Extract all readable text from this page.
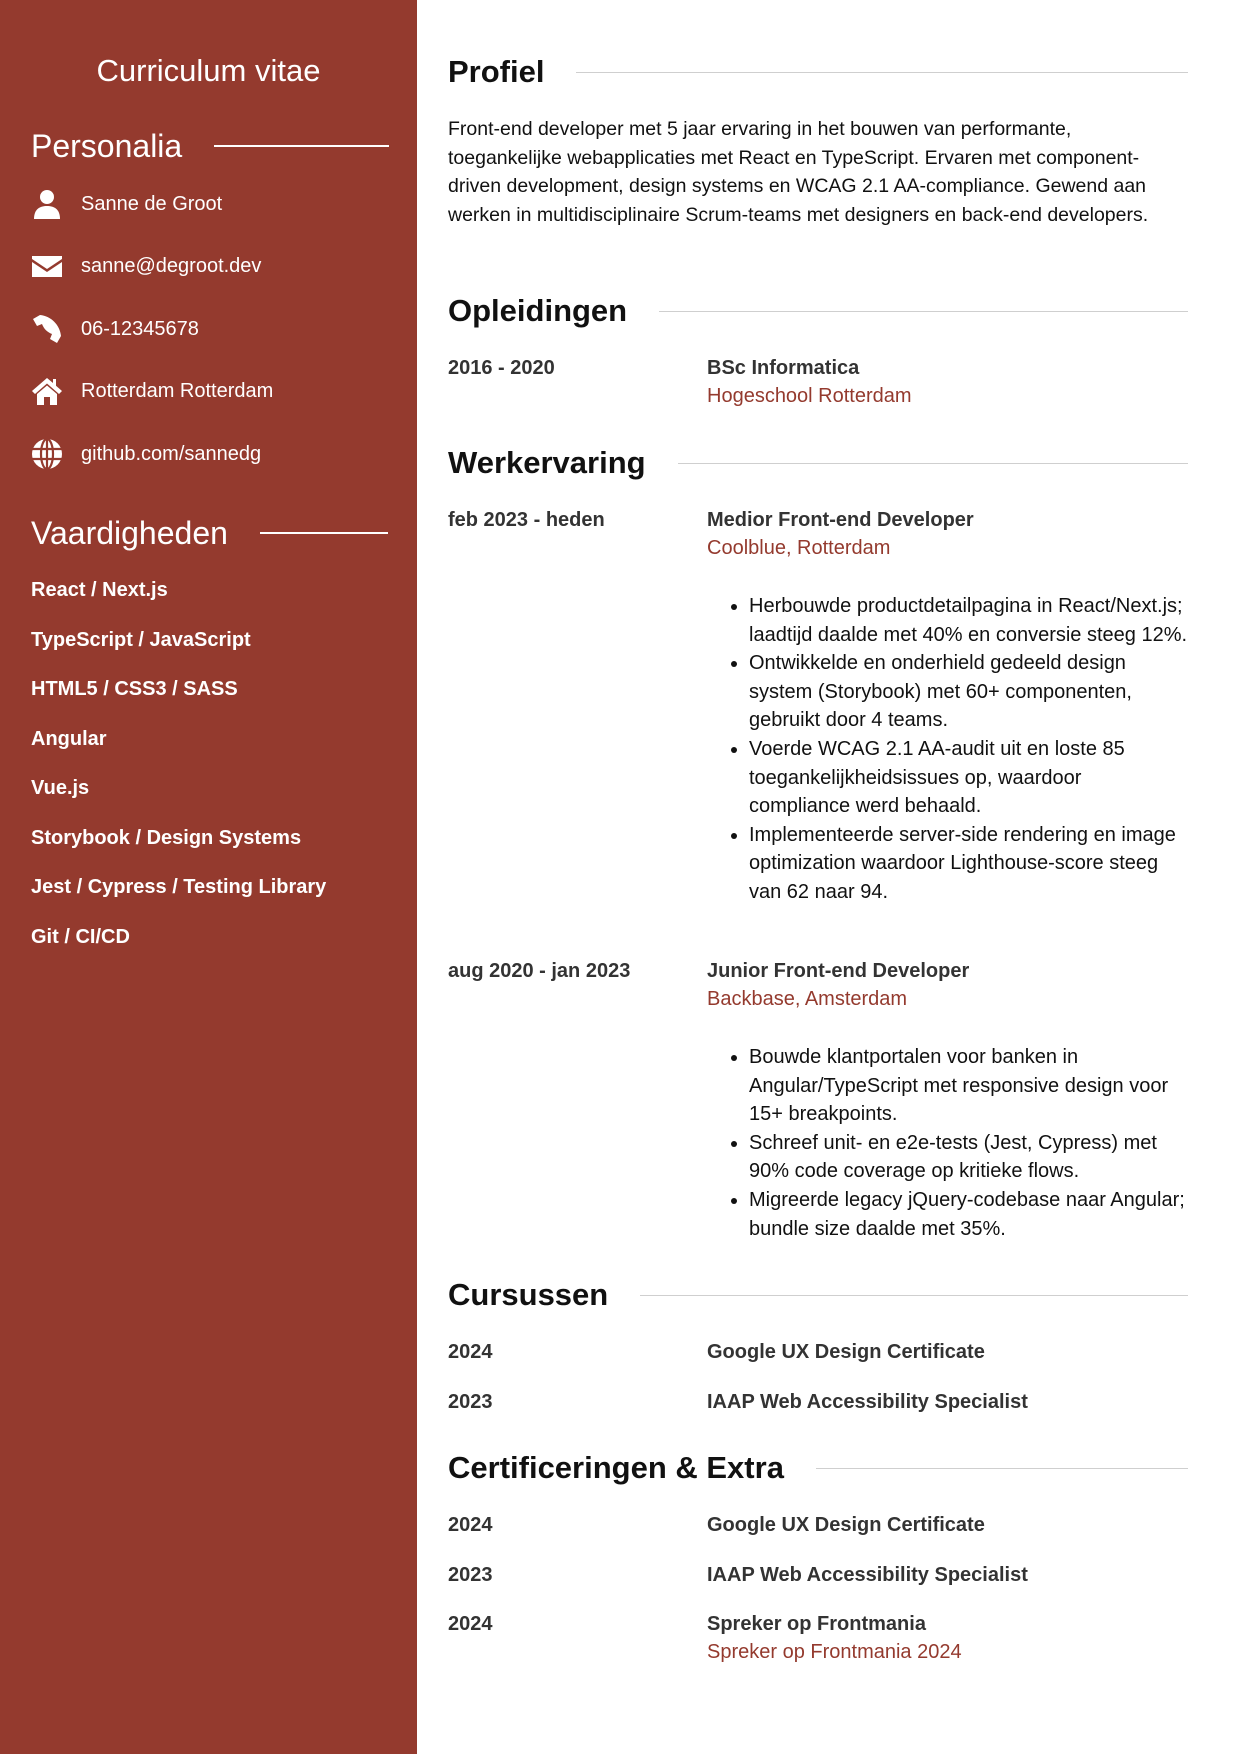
Curriculum vitae
Personalia
Sanne de Groot
sanne@degroot.dev
06-12345678
Rotterdam Rotterdam
github.com/sannedg
Vaardigheden
React / Next.js
TypeScript / JavaScript
HTML5 / CSS3 / SASS
Angular
Vue.js
Storybook / Design Systems
Jest / Cypress / Testing Library
Git / CI/CD
Profiel

Front-end developer met 5 jaar ervaring in het bouwen van performante, toegankelijke webapplicaties met React en TypeScript. Ervaren met component-driven development, design systems en WCAG 2.1 AA-compliance. Gewend aan werken in multidisciplinaire Scrum-teams met designers en back-end developers.

Opleidingen
2016 - 2020	BSc Informatica
Hogeschool Rotterdam
Werkervaring
feb 2023 - heden	Medior Front-end Developer
Coolblue, Rotterdam
• Herbouwde productdetailpagina in React/Next.js; laadtijd daalde met 40% en conversie steeg 12%.
• Ontwikkelde en onderhield gedeeld design system (Storybook) met 60+ componenten, gebruikt door 4 teams.
• Voerde WCAG 2.1 AA-audit uit en loste 85 toegankelijkheidsissues op, waardoor compliance werd behaald.
• Implementeerde server-side rendering en image optimization waardoor Lighthouse-score steeg van 62 naar 94.
aug 2020 - jan 2023	Junior Front-end Developer
Backbase, Amsterdam
• Bouwde klantportalen voor banken in Angular/TypeScript met responsive design voor 15+ breakpoints.
• Schreef unit- en e2e-tests (Jest, Cypress) met 90% code coverage op kritieke flows.
• Migreerde legacy jQuery-codebase naar Angular; bundle size daalde met 35%.
Cursussen
2024	Google UX Design Certificate
2023	IAAP Web Accessibility Specialist
Certificeringen & Extra
2024	Google UX Design Certificate
2023	IAAP Web Accessibility Specialist
2024	Spreker op Frontmania
Spreker op Frontmania 2024
